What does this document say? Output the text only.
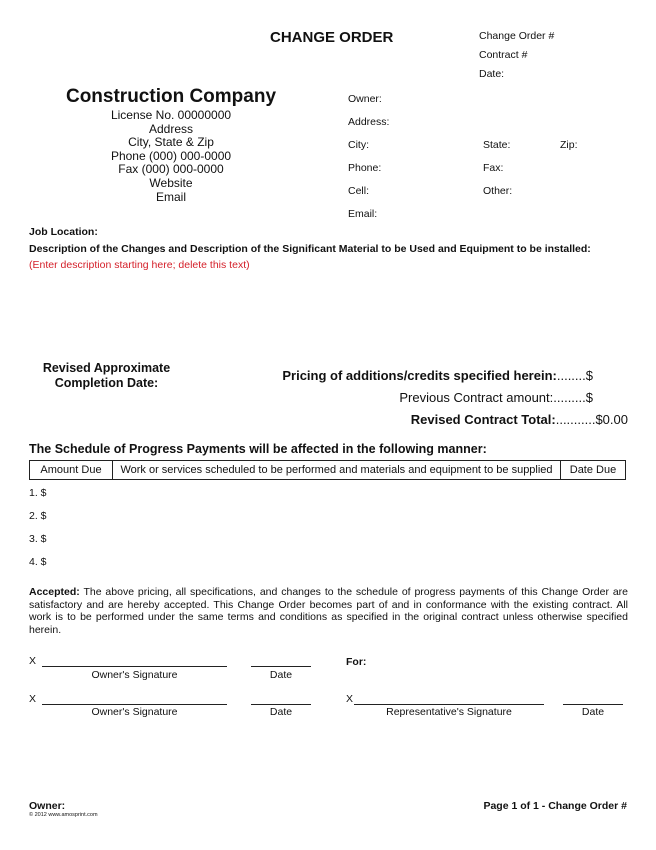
CHANGE ORDER	Change Order #
Contract #
Date:
Construction Company
License No. 00000000
Address
City, State & Zip
Phone (000) 000-0000
Fax (000) 000-0000
Website
Email
Owner:
Address:
City:	State:	Zip:
Phone:	Fax:
Cell:	Other:
Email:
Job Location:
Description of the Changes and Description of the Significant Material to be Used and Equipment to be installed:
(Enter description starting here; delete this text)
Revised Approximate
Completion Date:	Pricing of additions/credits specified herein:........$
Previous Contract amount:.........$
Revised Contract Total:...........$0.00
The Schedule of Progress Payments will be affected in the following manner:
Amount Due	Work or services scheduled to be performed and materials and equipment to be supplied	Date Due
1. $
2. $
3. $
4. $
Accepted: The above pricing, all specifications, and changes to the schedule of progress payments of this Change Order are satisfactory and are hereby accepted. This Change Order becomes part of and in conformance with the existing contract. All work is to be performed under the same terms and conditions as specified in the original contract unless otherwise specified herein.
X
Owner's Signature	Date
For:
X
Owner's Signature	Date
X
Representative's Signature	Date
Owner:
© 2012 www.amosprint.com
Page 1 of 1 - Change Order #
